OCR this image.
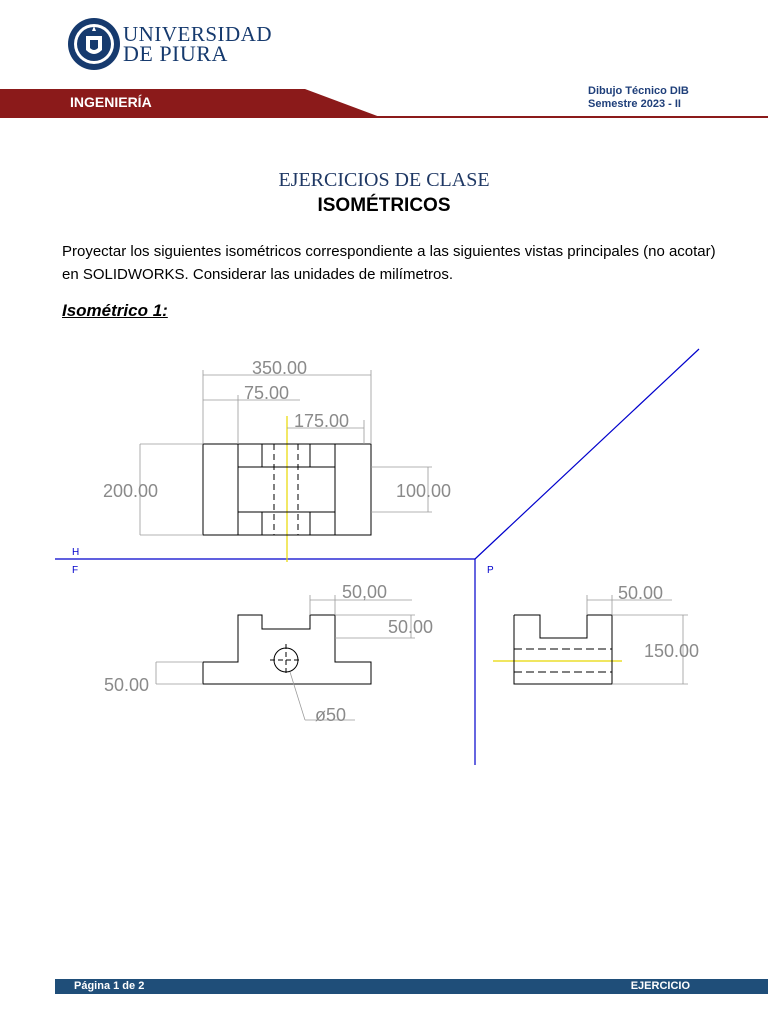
UNIVERSIDAD
DE PIURA
INGENIERÍA
Dibujo Técnico DIB
Semestre 2023 - II
EJERCICIOS DE CLASE
ISOMÉTRICOS
Proyectar los siguientes isométricos correspondiente a las siguientes vistas principales (no acotar) en SOLIDWORKS. Considerar las unidades de milímetros.
Isométrico 1:
H
F	P
350.00
75.00
175.00
200.00	100.00
50,00
50.00
50.00
ø50
50.00
150.00
Página 1 de 2	EJERCICIO
